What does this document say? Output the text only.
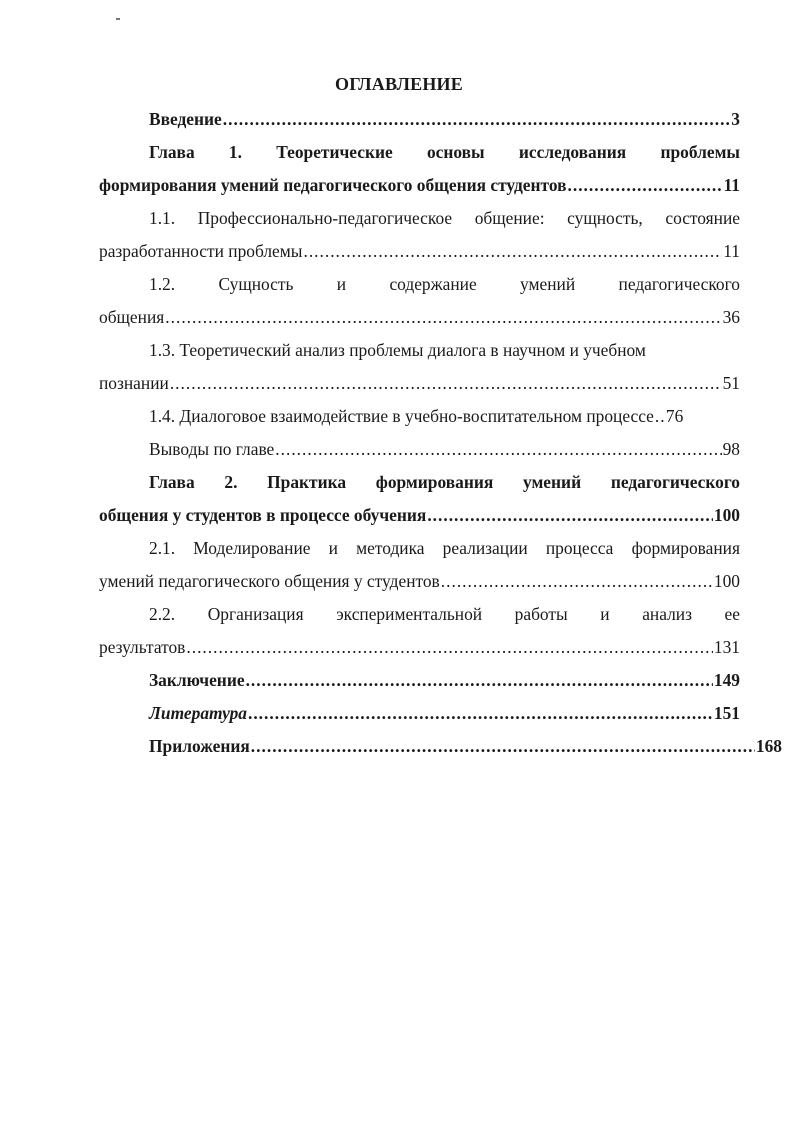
ОГЛАВЛЕНИЕ
Введение .....	3
Глава 1. Теоретические основы исследования проблемы
формирования умений педагогического общения студентов .....	11
1.1. Профессионально-педагогическое общение: сущность, состояние
разработанности проблемы .....	11
1.2. Сущность и содержание умений педагогического
общения .....	36
1.3. Теоретический анализ проблемы диалога в научном и учебном
познании .....	51
1.4. Диалоговое взаимодействие в учебно-воспитательном процессе ..... 76
Выводы по главе .....	98
Глава 2. Практика формирования умений педагогического
общения у студентов в процессе обучения .....	100
2.1. Моделирование и методика реализации процесса формирования
умений педагогического общения у студентов .....	100
2.2. Организация экспериментальной работы и анализ ее
результатов .....	131
Заключение .....	149
Литература .....	151
Приложения .....	168
